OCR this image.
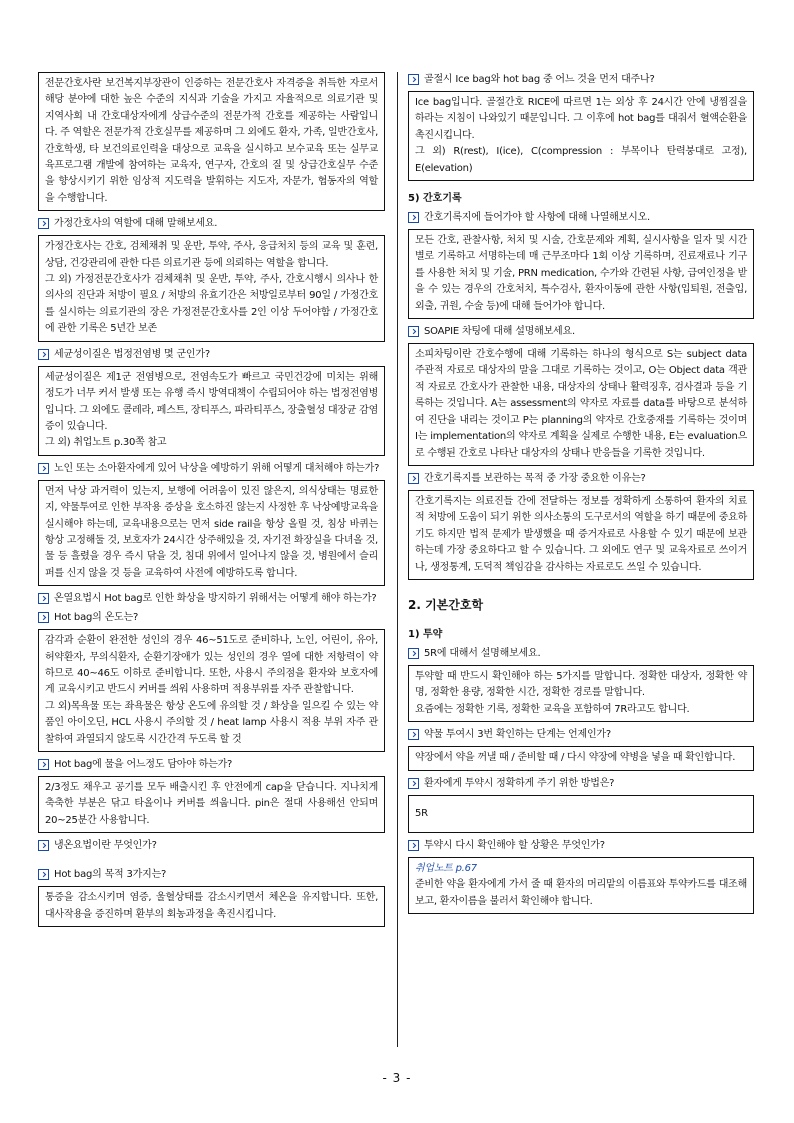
전문간호사란 보건복지부장관이 인증하는 전문간호사 자격증을 취득한 자로서 해당 분야에 대한 높은 수준의 지식과 기술을 가지고 자율적으로 의료기관 및 지역사회 내 간호대상자에게 상급수준의 전문가적 간호를 제공하는 사람입니다. 주 역할은 전문가적 간호실무를 제공하며 그 외에도 환자, 가족, 일반간호사, 간호학생, 타 보건의료인력을 대상으로 교육을 실시하고 보수교육 또는 실무교육프로그램 개발에 참여하는 교육자, 연구자, 간호의 질 및 상급간호실무 수준을 향상시키기 위한 임상적 지도력을 발휘하는 지도자, 자문가, 협동자의 역할을 수행합니다.

가정간호사의 역할에 대해 말해보세요.

가정간호사는 간호, 검체채취 및 운반, 투약, 주사, 응급처치 등의 교육 및 훈련, 상담, 건강관리에 관한 다른 의료기관 등에 의뢰하는 역할을 합니다.

그 외) 가정전문간호사가 검체채취 및 운반, 투약, 주사, 간호시행시 의사나 한의사의 진단과 처방이 필요 / 처방의 유효기간은 처방일로부터 90일 / 가정간호를 실시하는 의료기관의 장은 가정전문간호사를 2인 이상 두어야함 / 가정간호에 관한 기록은 5년간 보존

세균성이질은 법정전염병 몇 군인가?

세균성이질은 제1군 전염병으로, 전염속도가 빠르고 국민건강에 미치는 위해 정도가 너무 커서 발생 또는 유행 즉시 방역대책이 수립되어야 하는 법정전염병입니다. 그 외에도 콜레라, 페스트, 장티푸스, 파라티푸스, 장출혈성 대장균 감염증이 있습니다.

그 외) 취업노트 p.30쪽 참고

노인 또는 소아환자에게 있어 낙상을 예방하기 위해 어떻게 대처해야 하는가?

먼저 낙상 과거력이 있는지, 보행에 어려움이 있진 않은지, 의식상태는 명료한지, 약물투여로 인한 부작용 증상을 호소하진 않는지 사정한 후 낙상예방교육을 실시해야 하는데, 교육내용으로는 먼저 side rail을 항상 올릴 것, 침상 바퀴는 항상 고정해둘 것, 보호자가 24시간 상주해있을 것, 자기전 화장실을 다녀올 것, 물 등 흘렸을 경우 즉시 닦을 것, 침대 위에서 일어나지 않을 것, 병원에서 슬리퍼를 신지 않을 것 등을 교육하여 사전에 예방하도록 합니다.

온열요법시 Hot bag로 인한 화상을 방지하기 위해서는 어떻게 해야 하는가?
Hot bag의 온도는?

감각과 순환이 완전한 성인의 경우 46~51도로 준비하나, 노인, 어린이, 유아, 허약환자, 무의식환자, 순환기장애가 있는 성인의 경우 열에 대한 저항력이 약하므로 40~46도 이하로 준비합니다. 또한, 사용시 주의점을 환자와 보호자에게 교육시키고 반드시 커버를 씌워 사용하며 적용부위를 자주 관찰합니다.

그 외)목욕물 또는 좌욕물은 항상 온도에 유의할 것 / 화상을 일으킬 수 있는 약품인 아이오딘, HCL 사용시 주의할 것 / heat lamp 사용시 적용 부위 자주 관찰하여 과열되지 않도록 시간간격 두도록 할 것

Hot bag에 물을 어느정도 담아야 하는가?

2/3정도 채우고 공기를 모두 배출시킨 후 안전에게 cap을 닫습니다. 지나치게 축축한 부분은 닦고 타올이나 커버를 씌웁니다. pin은 절대 사용해선 안되며 20~25분간 사용합니다.

냉온요법이란 무엇인가?
Hot bag의 목적 3가지는?

통증을 감소시키며 염증, 울혈상태를 감소시키면서 체온을 유지합니다. 또한, 대사작용을 증진하며 환부의 회농과정을 촉진시킵니다.

골절시 Ice bag와 hot bag 중 어느 것을 먼저 대주나?

Ice bag입니다. 골절간호 RICE에 따르면 1는 외상 후 24시간 안에 냉찜질을 하라는 지침이 나와있기 때문입니다. 그 이후에 hot bag를 대줘서 혈액순환을 촉진시킵니다.

그 외) R(rest), I(ice), C(compression : 부목이나 탄력붕대로 고정), E(elevation)

5) 간호기록
간호기록지에 들어가야 할 사항에 대해 나열해보시오.

모든 간호, 관찰사항, 처치 및 시술, 간호문제와 계획, 실시사항을 일자 및 시간별로 기록하고 서명하는데 매 근무조마다 1회 이상 기록하며, 진료재료나 기구를 사용한 처치 및 기술, PRN medication, 수가와 간련된 사항, 급여인정을 받을 수 있는 경우의 간호처치, 특수검사, 환자이동에 관한 사항(입퇴원, 전출입, 외출, 귀원, 수술 등)에 대해 들어가야 합니다.

SOAPIE 차팅에 대해 설명해보세요.

소피차팅이란 간호수행에 대해 기록하는 하나의 형식으로 S는 subject data 주관적 자료로 대상자의 말을 그대로 기록하는 것이고, O는 Object data 객관적 자료로 간호사가 관찰한 내용, 대상자의 상태나 활력징후, 검사결과 등을 기록하는 것입니다. A는 assessment의 약자로 자료를 data를 바탕으로 분석하여 진단을 내리는 것이고 P는 planning의 약자로 간호중재를 기록하는 것이며 I는 implementation의 약자로 계획을 실제로 수행한 내용, E는 evaluation으로 수행된 간호로 나타난 대상자의 상태나 반응들을 기록한 것입니다.

간호기록지를 보관하는 목적 중 가장 중요한 이유는?

간호기록지는 의료진들 간에 전달하는 정보를 정확하게 소통하여 환자의 치료적 처방에 도움이 되기 위한 의사소통의 도구로서의 역할을 하기 때문에 중요하기도 하지만 법적 문제가 발생했을 때 증거자료로 사용할 수 있기 때문에 보관하는데 가장 중요하다고 할 수 있습니다. 그 외에도 연구 및 교육자료로 쓰이거나, 생정통계, 도덕적 책임감을 감사하는 자료로도 쓰일 수 있습니다.

2. 기본간호학
1) 투약
5R에 대해서 설명해보세요.

투약할 때 반드시 확인해야 하는 5가지를 말합니다. 정확한 대상자, 정확한 약명, 정확한 용량, 정확한 시간, 정확한 경로를 말합니다.

요즘에는 정확한 기록, 정확한 교육을 포함하여 7R라고도 합니다.

약물 투여시 3번 확인하는 단계는 언제인가?

약장에서 약을 꺼낼 때 / 준비할 때 / 다시 약장에 약병을 넣을 때 확인합니다.

환자에게 투약시 정확하게 주기 위한 방법은?

5R

투약시 다시 확인해야 할 상황은 무엇인가?

취업노트 p.67

준비한 약을 환자에게 가서 줄 때 환자의 머리맡의 이름표와 투약카드를 대조해보고, 환자이름을 불러서 확인해야 합니다.

- 3 -
